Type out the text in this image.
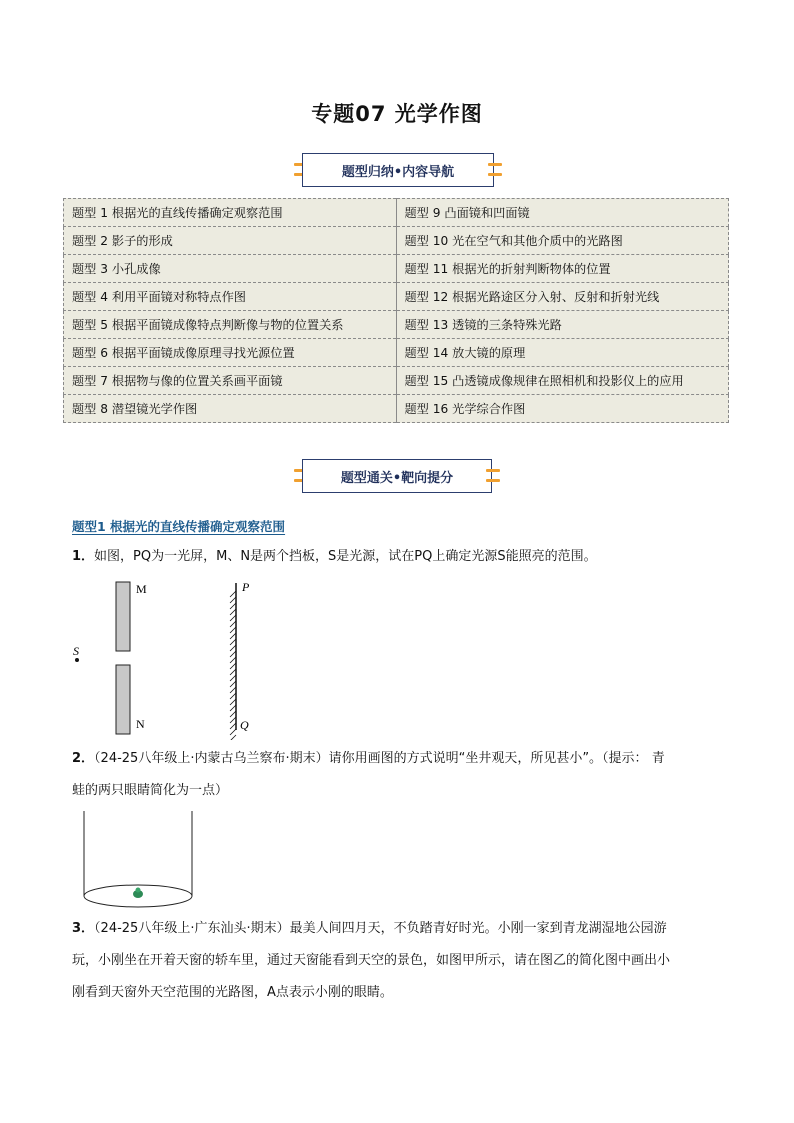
专题07 光学作图
题型归纳•内容导航
题型 1 根据光的直线传播确定观察范围	题型 9 凸面镜和凹面镜
题型 2 影子的形成	题型 10 光在空气和其他介质中的光路图
题型 3 小孔成像	题型 11 根据光的折射判断物体的位置
题型 4 利用平面镜对称特点作图	题型 12 根据光路途区分入射、反射和折射光线
题型 5 根据平面镜成像特点判断像与物的位置关系	题型 13 透镜的三条特殊光路
题型 6 根据平面镜成像原理寻找光源位置	题型 14 放大镜的原理
题型 7 根据物与像的位置关系画平面镜	题型 15 凸透镜成像规律在照相机和投影仪上的应用
题型 8 潜望镜光学作图	题型 16 光学综合作图
题型通关•靶向提分
题型1 根据光的直线传播确定观察范围
1．如图，PQ为一光屏，M、N是两个挡板，S是光源，试在PQ上确定光源S能照亮的范围。
M
N
S
P
Q
2．（24-25八年级上·内蒙古乌兰察布·期末）请你用画图的方式说明“坐井观天，所见甚小”。（提示： 青
蛙的两只眼睛简化为一点）
3．（24-25八年级上·广东汕头·期末）最美人间四月天，不负踏青好时光。小刚一家到青龙湖湿地公园游
玩，小刚坐在开着天窗的轿车里，通过天窗能看到天空的景色，如图甲所示，请在图乙的简化图中画出小
刚看到天窗外天空范围的光路图，A点表示小刚的眼睛。
